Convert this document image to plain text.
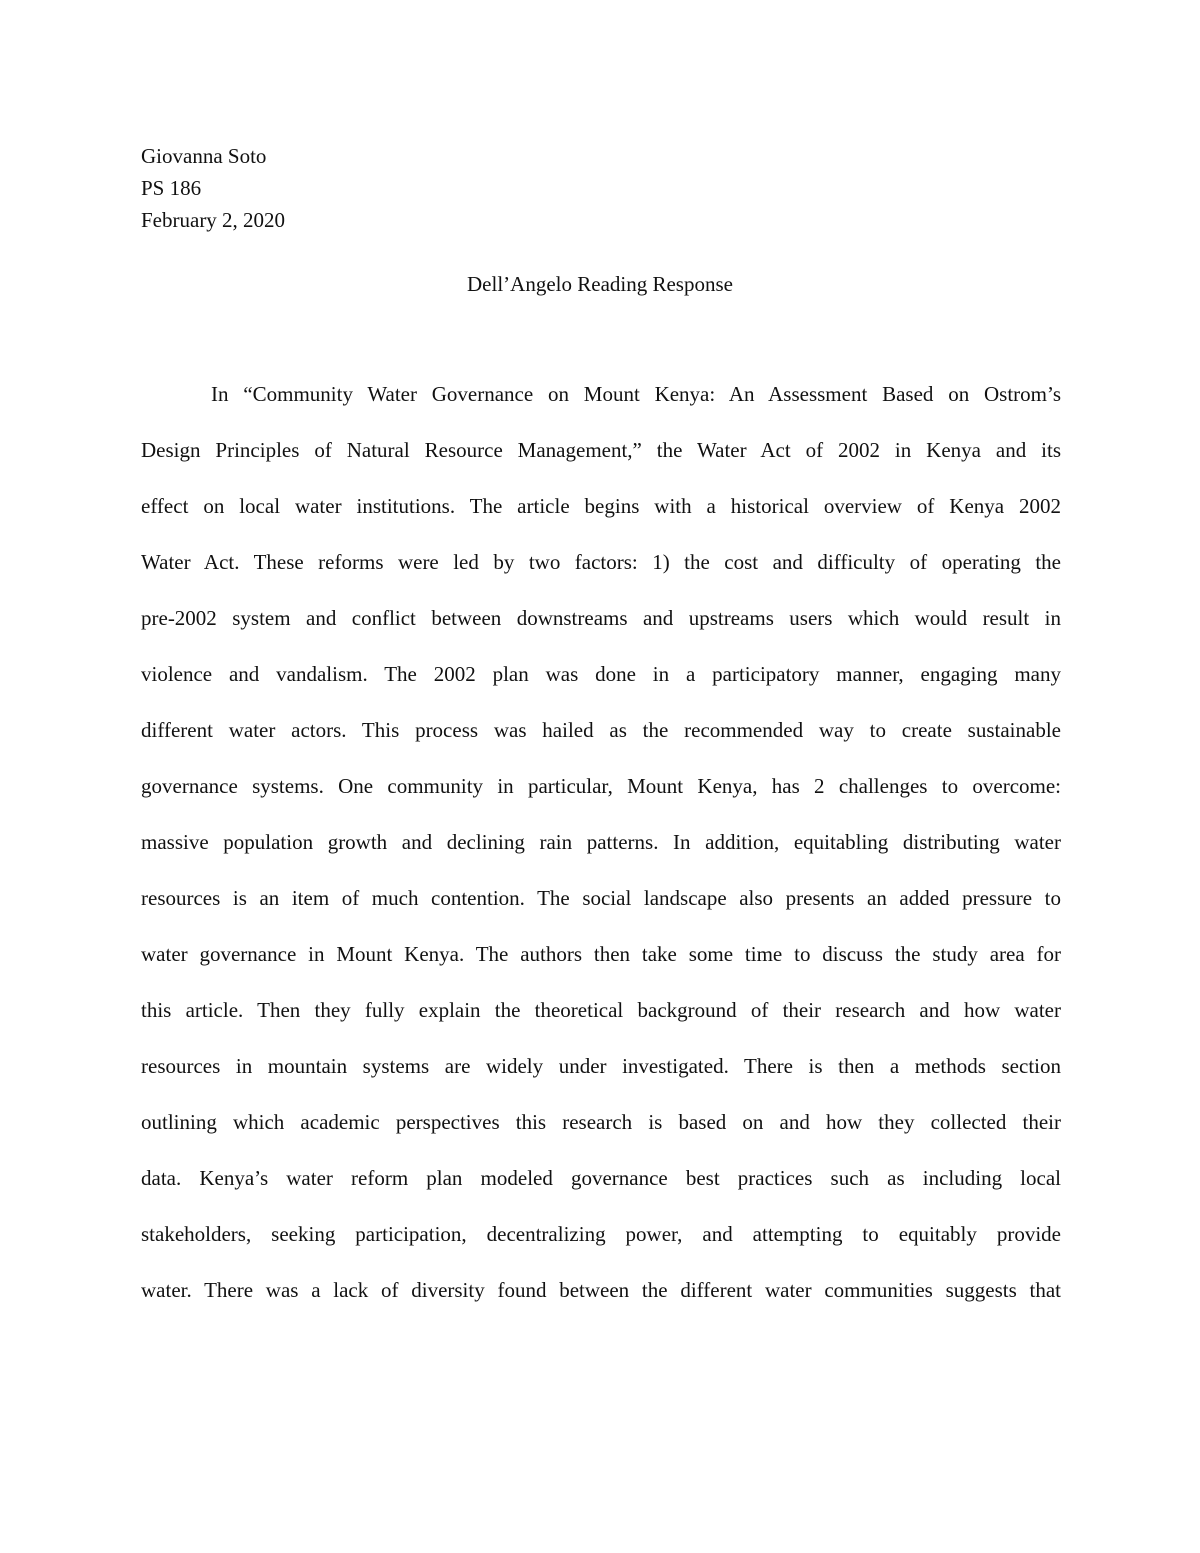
Giovanna Soto
PS 186
February 2, 2020
Dell’Angelo Reading Response
In “Community Water Governance on Mount Kenya: An Assessment Based on Ostrom’s
Design Principles of Natural Resource Management,” the Water Act of 2002 in Kenya and its
effect on local water institutions. The article begins with a historical overview of Kenya 2002
Water Act. These reforms were led by two factors: 1) the cost and difficulty of operating the
pre-2002 system and conflict between downstreams and upstreams users which would result in
violence and vandalism. The 2002 plan was done in a participatory manner, engaging many
different water actors. This process was hailed as the recommended way to create sustainable
governance systems. One community in particular, Mount Kenya, has 2 challenges to overcome:
massive population growth and declining rain patterns. In addition, equitabling distributing water
resources is an item of much contention. The social landscape also presents an added pressure to
water governance in Mount Kenya. The authors then take some time to discuss the study area for
this article. Then they fully explain the theoretical background of their research and how water
resources in mountain systems are widely under investigated. There is then a methods section
outlining which academic perspectives this research is based on and how they collected their
data. Kenya’s water reform plan modeled governance best practices such as including local
stakeholders, seeking participation, decentralizing power, and attempting to equitably provide
water. There was a lack of diversity found between the different water communities suggests that
